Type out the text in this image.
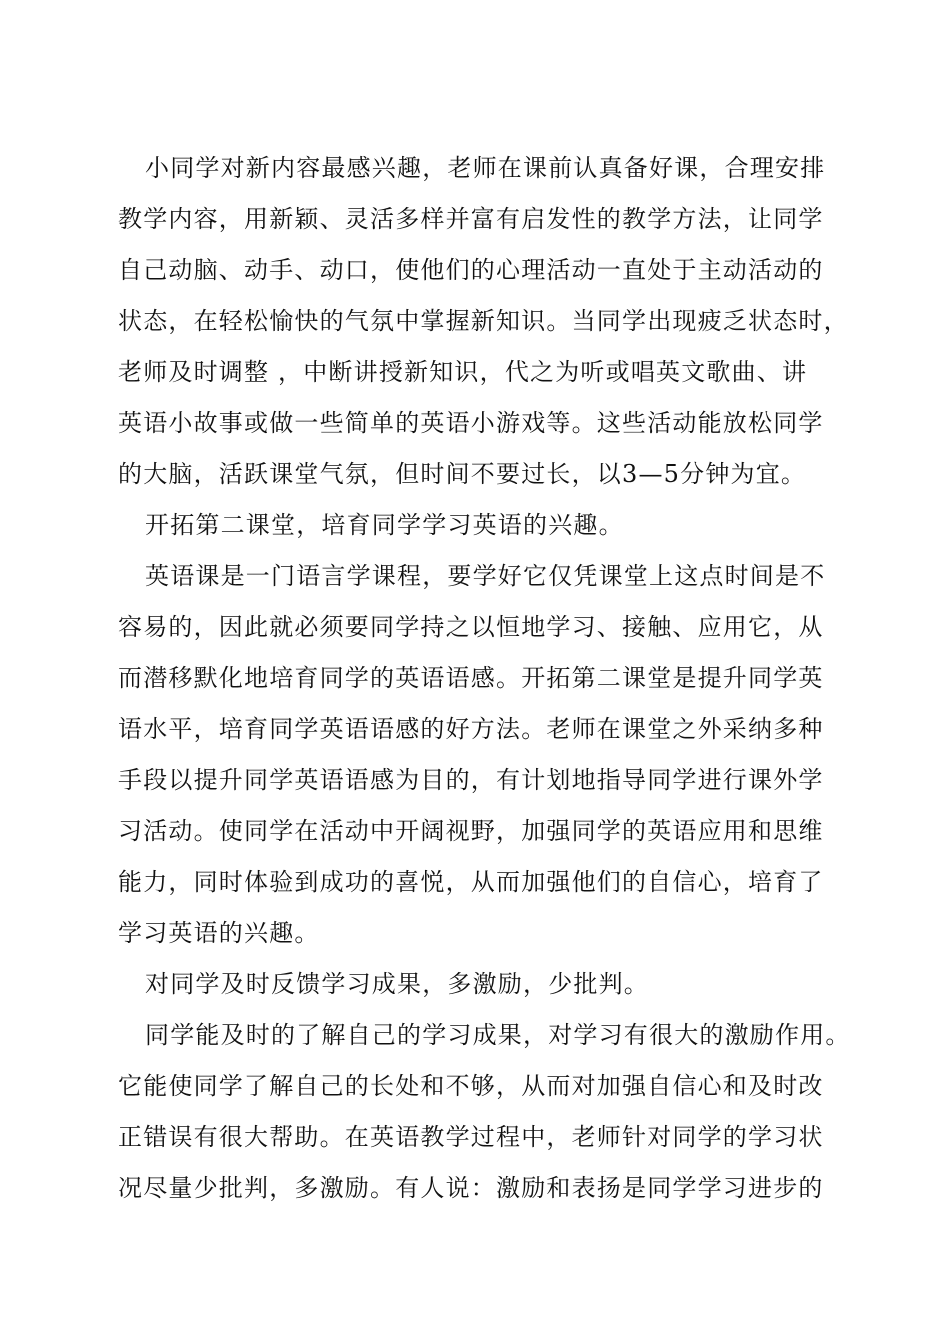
小同学对新内容最感兴趣，老师在课前认真备好课，合理安排
教学内容，用新颖、灵活多样并富有启发性的教学方法，让同学
自己动脑、动手、动口，使他们的心理活动一直处于主动活动的
状态，在轻松愉快的气氛中掌握新知识。当同学出现疲乏状态时，
老师及时调整 ，中断讲授新知识，代之为听或唱英文歌曲、讲
英语小故事或做一些简单的英语小游戏等。这些活动能放松同学
的大脑，活跃课堂气氛，但时间不要过长，以3—5分钟为宜。
开拓第二课堂，培育同学学习英语的兴趣。
英语课是一门语言学课程，要学好它仅凭课堂上这点时间是不
容易的，因此就必须要同学持之以恒地学习、接触、应用它，从
而潜移默化地培育同学的英语语感。开拓第二课堂是提升同学英
语水平，培育同学英语语感的好方法。老师在课堂之外采纳多种
手段以提升同学英语语感为目的，有计划地指导同学进行课外学
习活动。使同学在活动中开阔视野，加强同学的英语应用和思维
能力，同时体验到成功的喜悦，从而加强他们的自信心，培育了
学习英语的兴趣。
对同学及时反馈学习成果，多激励，少批判。
同学能及时的了解自己的学习成果，对学习有很大的激励作用。
它能使同学了解自己的长处和不够，从而对加强自信心和及时改
正错误有很大帮助。在英语教学过程中，老师针对同学的学习状
况尽量少批判，多激励。有人说：激励和表扬是同学学习进步的
